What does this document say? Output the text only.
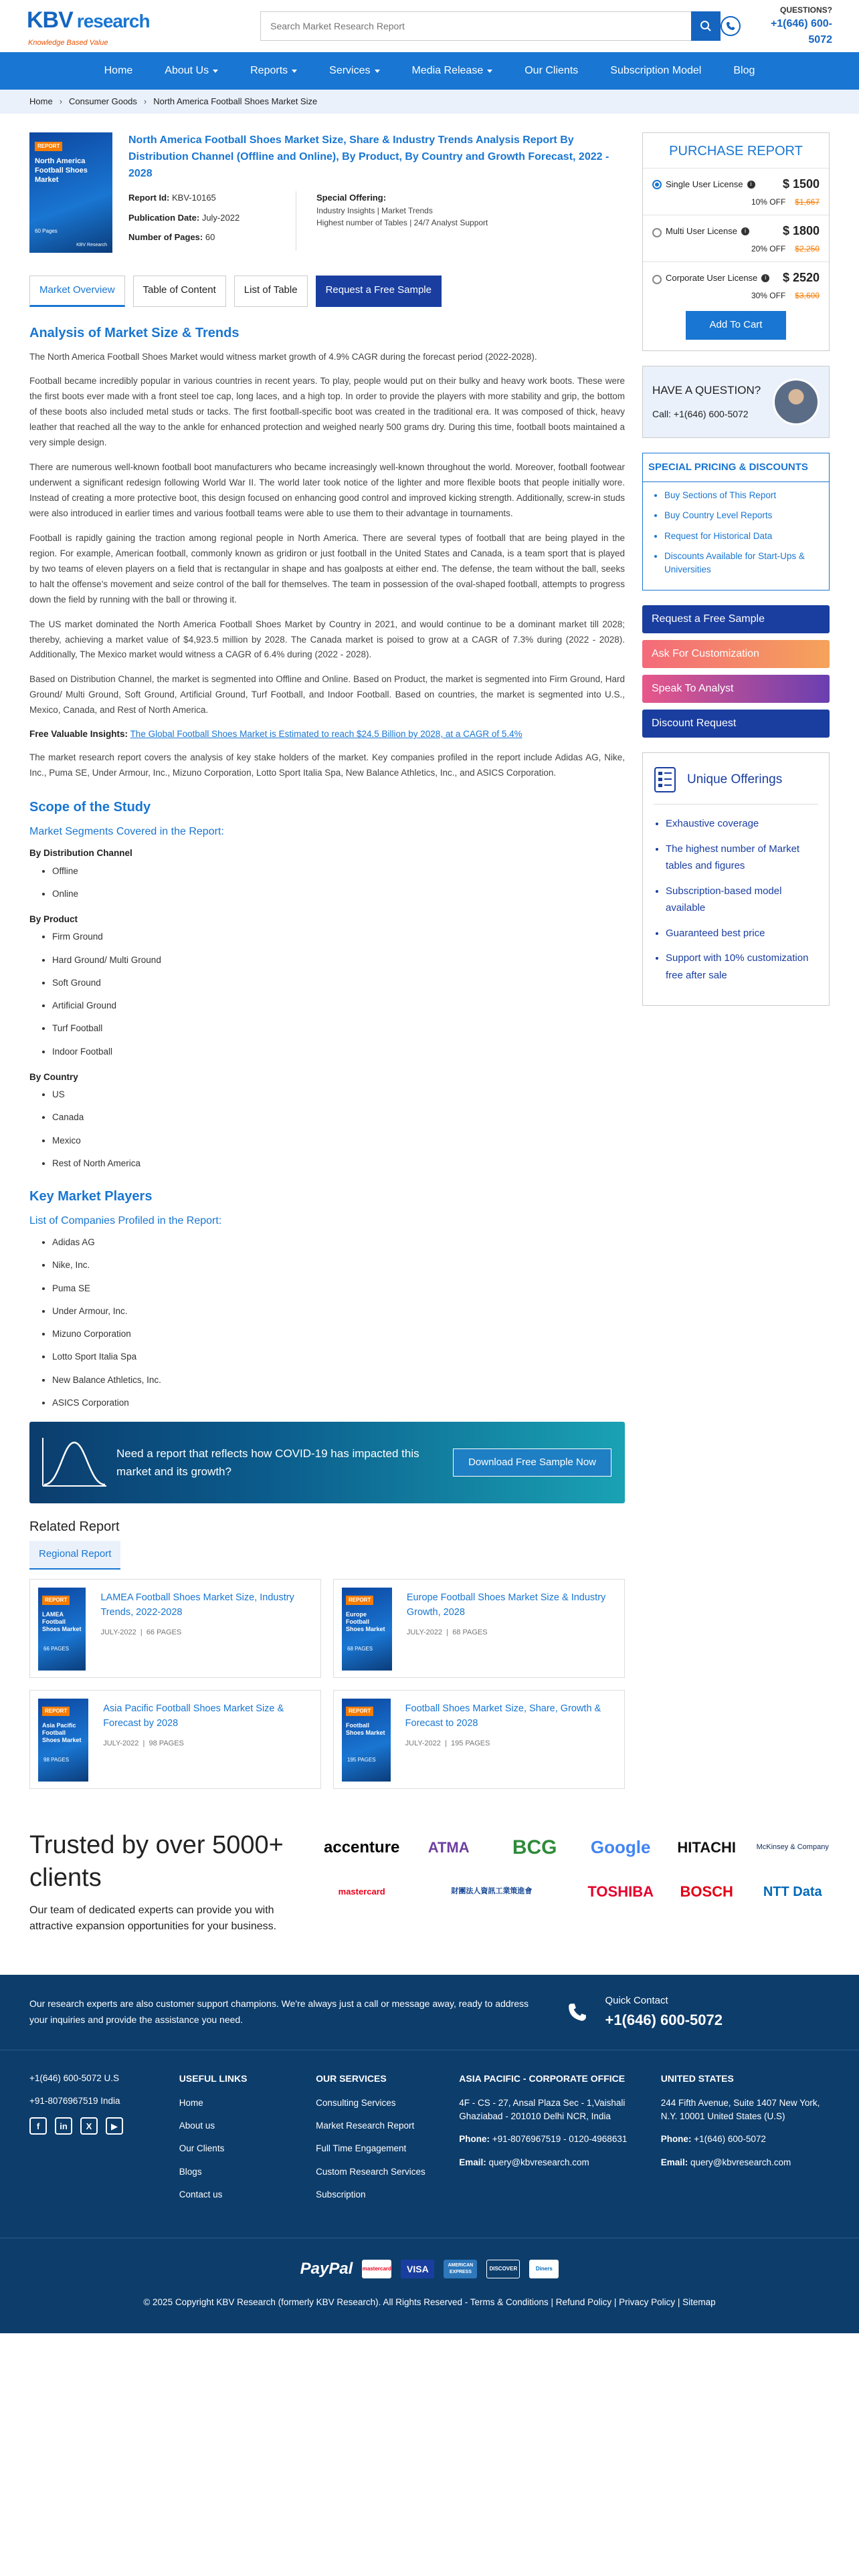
KBV research
Knowledge Based Value
Search Market Research Report
QUESTIONS?
+1(646) 600-5072
Home	About Us	Reports	Services	Media Release	Our Clients	Subscription Model	Blog
Home › Consumer Goods › North America Football Shoes Market Size
REPORT
North America Football Shoes Market
60 Pages
KBV Research
North America Football Shoes Market Size, Share & Industry Trends Analysis Report By Distribution Channel (Offline and Online), By Product, By Country and Growth Forecast, 2022 - 2028
Report Id: KBV-10165
Publication Date: July-2022
Number of Pages: 60
Special Offering:
Industry Insights | Market Trends
Highest number of Tables | 24/7 Analyst Support
Market Overview	Table of Content	List of Table	Request a Free Sample
Analysis of Market Size & Trends

The North America Football Shoes Market would witness market growth of 4.9% CAGR during the forecast period (2022-2028).

Football became incredibly popular in various countries in recent years. To play, people would put on their bulky and heavy work boots. These were the first boots ever made with a front steel toe cap, long laces, and a high top. In order to provide the players with more stability and grip, the bottom of these boots also included metal studs or tacks. The first football-specific boot was created in the traditional era. It was composed of thick, heavy leather that reached all the way to the ankle for enhanced protection and weighed nearly 500 grams dry. During this time, football boots maintained a very simple design.

There are numerous well-known football boot manufacturers who became increasingly well-known throughout the world. Moreover, football footwear underwent a significant redesign following World War II. The world later took notice of the lighter and more flexible boots that people initially wore. Instead of creating a more protective boot, this design focused on enhancing good control and improved kicking strength. Additionally, screw-in studs were also introduced in earlier times and various football teams were able to use them to their advantage in tournaments.

Football is rapidly gaining the traction among regional people in North America. There are several types of football that are being played in the region. For example, American football, commonly known as gridiron or just football in the United States and Canada, is a team sport that is played by two teams of eleven players on a field that is rectangular in shape and has goalposts at either end. The defense, the team without the ball, seeks to halt the offense's movement and seize control of the ball for themselves. The team in possession of the oval-shaped football, attempts to progress down the field by running with the ball or throwing it.

The US market dominated the North America Football Shoes Market by Country in 2021, and would continue to be a dominant market till 2028; thereby, achieving a market value of $4,923.5 million by 2028. The Canada market is poised to grow at a CAGR of 7.3% during (2022 - 2028). Additionally, The Mexico market would witness a CAGR of 6.4% during (2022 - 2028).

Based on Distribution Channel, the market is segmented into Offline and Online. Based on Product, the market is segmented into Firm Ground, Hard Ground/ Multi Ground, Soft Ground, Artificial Ground, Turf Football, and Indoor Football. Based on countries, the market is segmented into U.S., Mexico, Canada, and Rest of North America.

Free Valuable Insights: The Global Football Shoes Market is Estimated to reach $24.5 Billion by 2028, at a CAGR of 5.4%

The market research report covers the analysis of key stake holders of the market. Key companies profiled in the report include Adidas AG, Nike, Inc., Puma SE, Under Armour, Inc., Mizuno Corporation, Lotto Sport Italia Spa, New Balance Athletics, Inc., and ASICS Corporation.

Scope of the Study
Market Segments Covered in the Report:
By Distribution Channel
• Offline
• Online
By Product
• Firm Ground
• Hard Ground/ Multi Ground
• Soft Ground
• Artificial Ground
• Turf Football
• Indoor Football
By Country
• US
• Canada
• Mexico
• Rest of North America
Key Market Players
List of Companies Profiled in the Report:
• Adidas AG
• Nike, Inc.
• Puma SE
• Under Armour, Inc.
• Mizuno Corporation
• Lotto Sport Italia Spa
• New Balance Athletics, Inc.
• ASICS Corporation
Need a report that reflects how COVID-19 has impacted this market and its growth?
Download Free Sample Now
Related Report
Regional Report
REPORT
LAMEA Football Shoes Market
66 PAGES
LAMEA Football Shoes Market Size, Industry Trends, 2022-2028
JULY-2022  |  66 PAGES
REPORT
Europe Football Shoes Market
68 PAGES
Europe Football Shoes Market Size & Industry Growth, 2028
JULY-2022  |  68 PAGES
REPORT
Asia Pacific Football Shoes Market
98 PAGES
Asia Pacific Football Shoes Market Size & Forecast by 2028
JULY-2022  |  98 PAGES
REPORT
Football Shoes Market
195 PAGES
Football Shoes Market Size, Share, Growth & Forecast to 2028
JULY-2022  |  195 PAGES
PURCHASE REPORT
Single User License	i	$ 1500
10% OFF $1,667
Multi User License	i	$ 1800
20% OFF $2,250
Corporate User License	i $ 2520
30% OFF $3,600
Add To Cart
HAVE A QUESTION?
Call: +1(646) 600-5072
SPECIAL PRICING & DISCOUNTS
• Buy Sections of This Report
• Buy Country Level Reports
• Request for Historical Data
• Discounts Available for Start-Ups & Universities
Request a Free Sample
Ask For Customization
Speak To Analyst
Discount Request
Unique Offerings
• Exhaustive coverage
• The highest number of Market tables and figures
• Subscription-based model available
• Guaranteed best price
• Support with 10% customization free after sale
Trusted by over 5000+ clients
Our team of dedicated experts can provide you with attractive expansion opportunities for your business.
accenture	ATMA	BCG	Google	HITACHI	McKinsey & Company
mastercard	財團法人資訊工業策進會	TOSHIBA	BOSCH	NTT Data
Our research experts are also customer support champions. We're always just a call or message away, ready to address your inquiries and provide the assistance you need.
Quick Contact
+1(646) 600-5072
+1(646) 600-5072 U.S
+91-8076967519 India
f	in	X	▶
USEFUL LINKS
Home
About us
Our Clients
Blogs
Contact us
OUR SERVICES
Consulting Services
Market Research Report
Full Time Engagement
Custom Research Services
Subscription
ASIA PACIFIC - CORPORATE OFFICE
4F - CS - 27, Ansal Plaza Sec - 1,Vaishali Ghaziabad - 201010 Delhi NCR, India
Phone: +91-8076967519 - 0120-4968631
Email: query@kbvresearch.com
UNITED STATES
244 Fifth Avenue, Suite 1407 New York, N.Y. 10001 United States (U.S)
Phone: +1(646) 600-5072
Email: query@kbvresearch.com
PayPal mastercard	VISA	AMERICAN EXPRESS
DISCOVER	Diners
© 2025 Copyright KBV Research (formerly KBV Research). All Rights Reserved - Terms & Conditions | Refund Policy | Privacy Policy | Sitemap
